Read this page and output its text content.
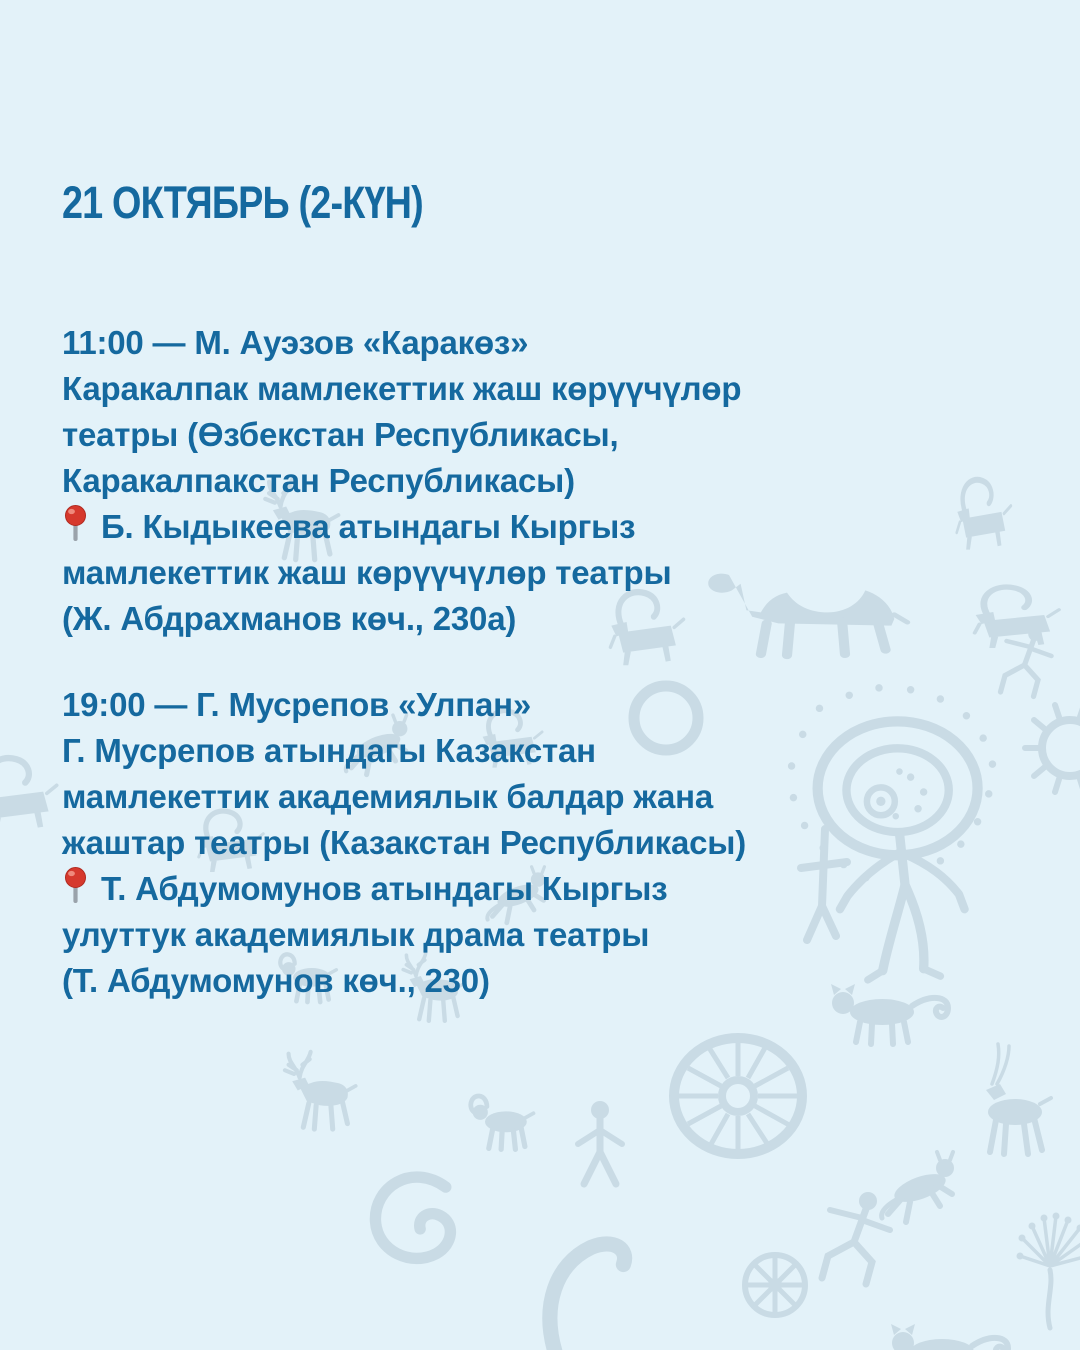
21 ОКТЯБРЬ (2-КҮН)

11:00 — М. Ауэзов «Каракөз»

Каракалпак мамлекеттик жаш көрүүчүлөр

театры (Өзбекстан Республикасы,

Каракалпакстан Республикасы)

Б. Кыдыкеева атындагы Кыргыз

мамлекеттик жаш көрүүчүлөр театры

(Ж. Абдрахманов көч., 230а)

19:00 — Г. Мусрепов «Улпан»

Г. Мусрепов атындагы Казакстан

мамлекеттик академиялык балдар жана

жаштар театры (Казакстан Республикасы)

Т. Абдумомунов атындагы Кыргыз

улуттук академиялык драма театры

(Т. Абдумомунов көч., 230)
